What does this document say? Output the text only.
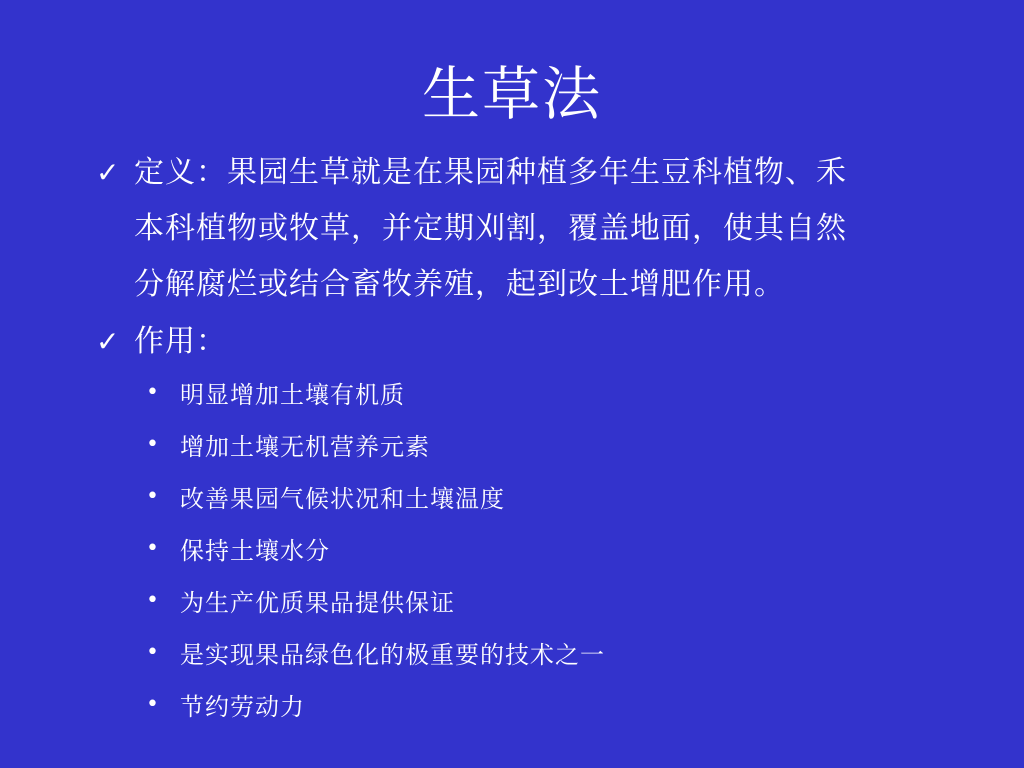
生草法
✓ 定义：果园生草就是在果园种植多年生豆科植物、禾
本科植物或牧草，并定期刈割，覆盖地面，使其自然
分解腐烂或结合畜牧养殖，起到改土增肥作用。
✓ 作用：
• 明显增加土壤有机质
• 增加土壤无机营养元素
• 改善果园气候状况和土壤温度
• 保持土壤水分
• 为生产优质果品提供保证
• 是实现果品绿色化的极重要的技术之一
• 节约劳动力
